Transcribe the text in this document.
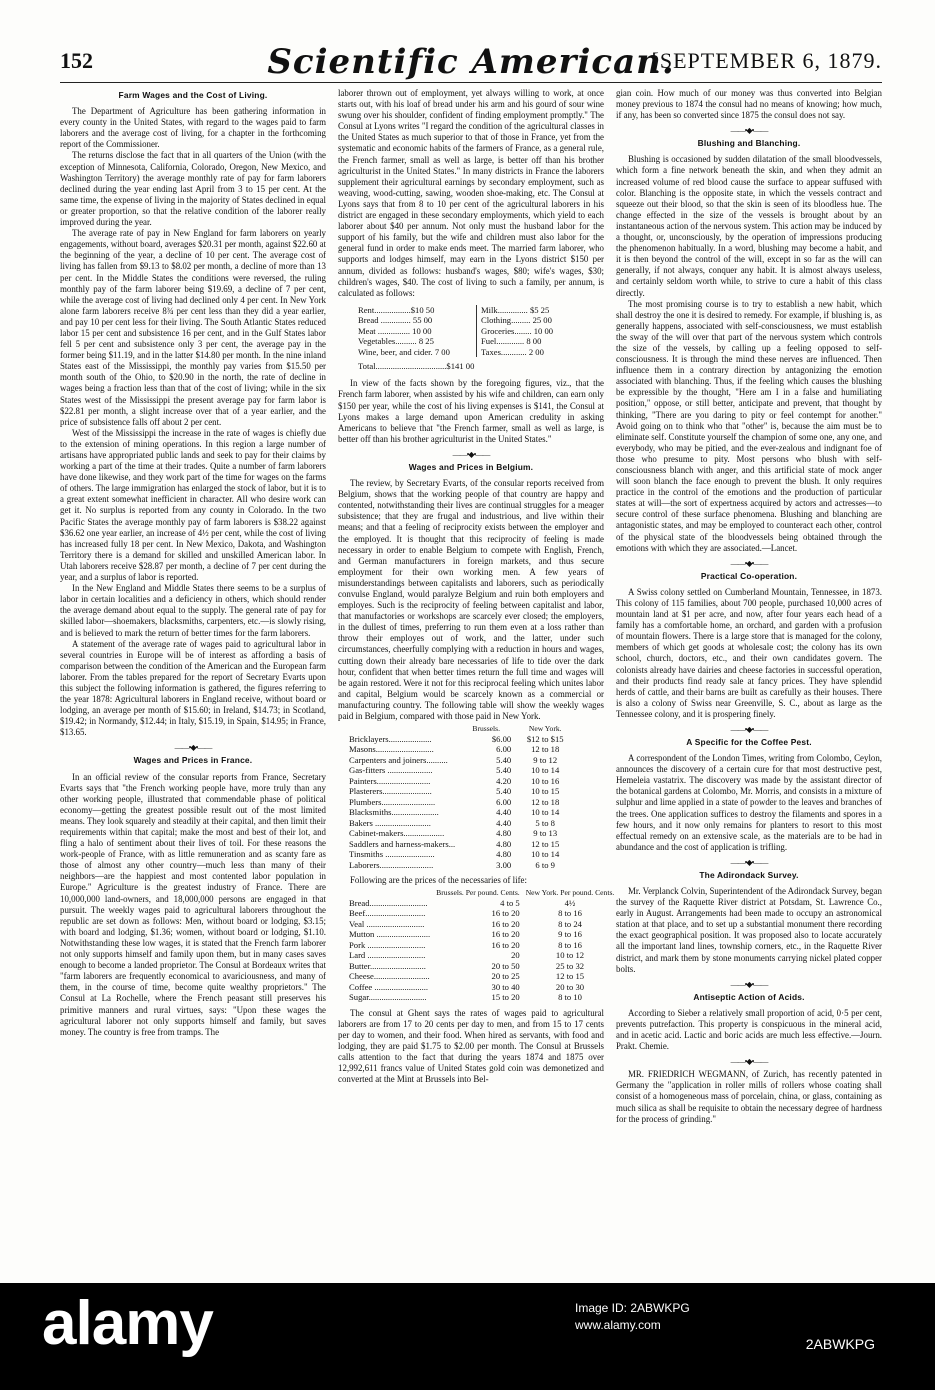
152	Scientific American.
[SEPTEMBER 6, 1879.
Farm Wages and the Cost of Living.

The Department of Agriculture has been gathering information in every county in the United States, with regard to the wages paid to farm laborers and the average cost of living, for a chapter in the forthcoming report of the Commissioner.

The returns disclose the fact that in all quarters of the Union (with the exception of Minnesota, California, Colorado, Oregon, New Mexico, and Washington Territory) the average monthly rate of pay for farm laborers declined during the year ending last April from 3 to 15 per cent. At the same time, the expense of living in the majority of States declined in equal or greater proportion, so that the relative condition of the laborer really improved during the year.

The average rate of pay in New England for farm laborers on yearly engagements, without board, averages $20.31 per month, against $22.60 at the beginning of the year, a decline of 10 per cent. The average cost of living has fallen from $9.13 to $8.02 per month, a decline of more than 13 per cent. In the Middle States the conditions were reversed, the ruling monthly pay of the farm laborer being $19.69, a decline of 7 per cent, while the average cost of living had declined only 4 per cent. In New York alone farm laborers receive 8¾ per cent less than they did a year earlier, and pay 10 per cent less for their living. The South Atlantic States reduced labor 15 per cent and subsistence 16 per cent, and in the Gulf States labor fell 5 per cent and subsistence only 3 per cent, the average pay in the former being $11.19, and in the latter $14.80 per month. In the nine inland States east of the Mississippi, the monthly pay varies from $15.50 per month south of the Ohio, to $20.90 in the north, the rate of decline in wages being a fraction less than that of the cost of living; while in the six States west of the Mississippi the present average pay for farm labor is $22.81 per month, a slight increase over that of a year earlier, and the price of subsistence falls off about 2 per cent.

West of the Mississippi the increase in the rate of wages is chiefly due to the extension of mining operations. In this region a large number of artisans have appropriated public lands and seek to pay for their claims by working a part of the time at their trades. Quite a number of farm laborers have done likewise, and they work part of the time for wages on the farms of others. The large immigration has enlarged the stock of labor, but it is to a great extent somewhat inefficient in character. All who desire work can get it. No surplus is reported from any county in Colorado. In the two Pacific States the average monthly pay of farm laborers is $38.22 against $36.62 one year earlier, an increase of 4½ per cent, while the cost of living has increased fully 18 per cent. In New Mexico, Dakota, and Washington Territory there is a demand for skilled and unskilled American labor. In Utah laborers receive $28.87 per month, a decline of 7 per cent during the year, and a surplus of labor is reported.

In the New England and Middle States there seems to be a surplus of labor in certain localities and a deficiency in others, which should render the average demand about equal to the supply. The general rate of pay for skilled labor—shoemakers, blacksmiths, carpenters, etc.—is slowly rising, and is believed to mark the return of better times for the farm laborers.

A statement of the average rate of wages paid to agricultural labor in several countries in Europe will be of interest as affording a basis of comparison between the condition of the American and the European farm laborer. From the tables prepared for the report of Secretary Evarts upon this subject the following information is gathered, the figures referring to the year 1878: Agricultural laborers in England receive, without board or lodging, an average per month of $15.60; in Ireland, $14.73; in Scotland, $19.42; in Normandy, $12.44; in Italy, $15.19, in Spain, $14.95; in France, $13.65.

——•◆•——
Wages and Prices in France.

In an official review of the consular reports from France, Secretary Evarts says that "the French working people have, more truly than any other working people, illustrated that commendable phase of political economy—getting the greatest possible result out of the most limited means. They look squarely and steadily at their capital, and then limit their requirements within that capital; make the most and best of their lot, and fling a halo of sentiment about their lives of toil. For these reasons the work-people of France, with as little remuneration and as scanty fare as those of almost any other country—much less than many of their neighbors—are the happiest and most contented labor population in Europe." Agriculture is the greatest industry of France. There are 10,000,000 land-owners, and 18,000,000 persons are engaged in that pursuit. The weekly wages paid to agricultural laborers throughout the republic are set down as follows: Men, without board or lodging, $3.15; with board and lodging, $1.36; women, without board or lodging, $1.10. Notwithstanding these low wages, it is stated that the French farm laborer not only supports himself and family upon them, but in many cases saves enough to become a landed proprietor. The Consul at Bordeaux writes that "farm laborers are frequently economical to avariciousness, and many of them, in the course of time, become quite wealthy proprietors." The Consul at La Rochelle, where the French peasant still preserves his primitive manners and rural virtues, says: "Upon these wages the agricultural laborer not only supports himself and family, but saves money. The country is free from tramps. The

laborer thrown out of employment, yet always willing to work, at once starts out, with his loaf of bread under his arm and his gourd of sour wine swung over his shoulder, confident of finding employment promptly." The Consul at Lyons writes "I regard the condition of the agricultural classes in the United States as much superior to that of those in France, yet from the systematic and economic habits of the farmers of France, as a general rule, the French farmer, small as well as large, is better off than his brother agriculturist in the United States." In many districts in France the laborers supplement their agricultural earnings by secondary employment, such as weaving, wood-cutting, sawing, wooden shoe-making, etc. The Consul at Lyons says that from 8 to 10 per cent of the agricultural laborers in his district are engaged in these secondary employments, which yield to each laborer about $40 per annum. Not only must the husband labor for the support of his family, but the wife and children must also labor for the general fund in order to make ends meet. The married farm laborer, who supports and lodges himself, may earn in the Lyons district $150 per annum, divided as follows: husband's wages, $80; wife's wages, $30; children's wages, $40. The cost of living to such a family, per annum, is calculated as follows:

Rent.................$10 50	Milk.............. $5 25
Bread .............. 55 00	Clothing......... 25 00
Meat ............... 10 00	Groceries........ 10 00
Vegetables.......... 8 25	Fuel............. 8 00
Wine, beer, and cider. 7 00	Taxes............ 2 00
Total.................................$141 00

In view of the facts shown by the foregoing figures, viz., that the French farm laborer, when assisted by his wife and children, can earn only $150 per year, while the cost of his living expenses is $141, the Consul at Lyons makes a large demand upon American credulity in asking Americans to believe that "the French farmer, small as well as large, is better off than his brother agriculturist in the United States."

——•◆•——
Wages and Prices in Belgium.

The review, by Secretary Evarts, of the consular reports received from Belgium, shows that the working people of that country are happy and contented, notwithstanding their lives are continual struggles for a meager subsistence; that they are frugal and industrious, and live within their means; and that a feeling of reciprocity exists between the employer and the employed. It is thought that this reciprocity of feeling is made necessary in order to enable Belgium to compete with English, French, and German manufacturers in foreign markets, and thus secure employment for their own working men. A few years of misunderstandings between capitalists and laborers, such as periodically convulse England, would paralyze Belgium and ruin both employers and employes. Such is the reciprocity of feeling between capitalist and labor, that manufactories or workshops are scarcely ever closed; the employers, in the dullest of times, preferring to run them even at a loss rather than throw their employes out of work, and the latter, under such circumstances, cheerfully complying with a reduction in hours and wages, cutting down their already bare necessaries of life to tide over the dark hour, confident that when better times return the full time and wages will be again restored. Were it not for this reciprocal feeling which unites labor and capital, Belgium would be scarcely known as a commercial or manufacturing country. The following table will show the weekly wages paid in Belgium, compared with those paid in New York.

	Brussels.	New York.
Bricklayers....................	$6.00	$12 to $15
Masons...........................	6.00	12 to 18
Carpenters and joiners..........	5.40	9 to 12
Gas-fitters .....................	5.40	10 to 14
Painters.........................	4.20	10 to 16
Plasterers.......................	5.40	10 to 15
Plumbers.........................	6.00	12 to 18
Blacksmiths......................	4.40	10 to 14
Bakers ..........................	4.40	5 to 8
Cabinet-makers...................	4.80	9 to 13
Saddlers and harness-makers...	4.80	12 to 15
Tinsmiths .......................	4.80	10 to 14
Laborers.........................	3.00	6 to 9

Following are the prices of the necessaries of life:

	Brussels. Per pound. Cents.	New York. Per pound. Cents.
Bread...........................	4 to 5	4½
Beef............................	16 to 20	8 to 16
Veal ...........................	16 to 20	8 to 24
Mutton .........................	16 to 20	9 to 16
Pork ...........................	16 to 20	8 to 16
Lard ...........................	20	10 to 12
Butter..........................	20 to 50	25 to 32
Cheese..........................	20 to 25	12 to 15
Coffee .........................	30 to 40	20 to 30
Sugar...........................	15 to 20	8 to 10

The consul at Ghent says the rates of wages paid to agricultural laborers are from 17 to 20 cents per day to men, and from 15 to 17 cents per day to women, and their food. When hired as servants, with food and lodging, they are paid $1.75 to $2.00 per month. The Consul at Brussels calls attention to the fact that during the years 1874 and 1875 over 12,992,611 francs value of United States gold coin was demonetized and converted at the Mint at Brussels into Bel-

gian coin. How much of our money was thus converted into Belgian money previous to 1874 the consul had no means of knowing; how much, if any, has been so converted since 1875 the consul does not say.

——•◆•——
Blushing and Blanching.

Blushing is occasioned by sudden dilatation of the small bloodvessels, which form a fine network beneath the skin, and when they admit an increased volume of red blood cause the surface to appear suffused with color. Blanching is the opposite state, in which the vessels contract and squeeze out their blood, so that the skin is seen of its bloodless hue. The change effected in the size of the vessels is brought about by an instantaneous action of the nervous system. This action may be induced by a thought, or, unconsciously, by the operation of impressions producing the phenomenon habitually. In a word, blushing may become a habit, and it is then beyond the control of the will, except in so far as the will can generally, if not always, conquer any habit. It is almost always useless, and certainly seldom worth while, to strive to cure a habit of this class directly.

The most promising course is to try to establish a new habit, which shall destroy the one it is desired to remedy. For example, if blushing is, as generally happens, associated with self-consciousness, we must establish the sway of the will over that part of the nervous system which controls the size of the vessels, by calling up a feeling opposed to self-consciousness. It is through the mind these nerves are influenced. Then influence them in a contrary direction by antagonizing the emotion associated with blanching. Thus, if the feeling which causes the blushing be expressible by the thought, "Here am I in a false and humiliating position," oppose, or still better, anticipate and prevent, that thought by thinking, "There are you daring to pity or feel contempt for another." Avoid going on to think who that "other" is, because the aim must be to eliminate self. Constitute yourself the champion of some one, any one, and everybody, who may be pitied, and the ever-zealous and indignant foe of those who presume to pity. Most persons who blush with self-consciousness blanch with anger, and this artificial state of mock anger will soon blanch the face enough to prevent the blush. It only requires practice in the control of the emotions and the production of particular states at will—the sort of expertness acquired by actors and actresses—to secure control of these surface phenomena. Blushing and blanching are antagonistic states, and may be employed to counteract each other, control of the physical state of the bloodvessels being obtained through the emotions with which they are associated.—Lancet.

——•◆•——
Practical Co-operation.

A Swiss colony settled on Cumberland Mountain, Tennessee, in 1873. This colony of 115 families, about 700 people, purchased 10,000 acres of mountain land at $1 per acre, and now, after four years each head of a family has a comfortable home, an orchard, and garden with a profusion of mountain flowers. There is a large store that is managed for the colony, members of which get goods at wholesale cost; the colony has its own school, church, doctors, etc., and their own candidates govern. The colonists already have dairies and cheese factories in successful operation, and their products find ready sale at fancy prices. They have splendid herds of cattle, and their barns are built as carefully as their houses. There is also a colony of Swiss near Greenville, S. C., about as large as the Tennessee colony, and it is prospering finely.

——•◆•——
A Specific for the Coffee Pest.

A correspondent of the London Times, writing from Colombo, Ceylon, announces the discovery of a certain cure for that most destructive pest, Hemeleia vastatrix. The discovery was made by the assistant director of the botanical gardens at Colombo, Mr. Morris, and consists in a mixture of sulphur and lime applied in a state of powder to the leaves and branches of the trees. One application suffices to destroy the filaments and spores in a few hours, and it now only remains for planters to resort to this most effectual remedy on an extensive scale, as the materials are to be had in abundance and the cost of application is trifling.

——•◆•——
The Adirondack Survey.

Mr. Verplanck Colvin, Superintendent of the Adirondack Survey, began the survey of the Raquette River district at Potsdam, St. Lawrence Co., early in August. Arrangements had been made to occupy an astronomical station at that place, and to set up a substantial monument there recording the exact geographical position. It was proposed also to locate accurately all the important land lines, township corners, etc., in the Raquette River district, and mark them by stone monuments carrying nickel plated copper bolts.

——•◆•——
Antiseptic Action of Acids.

According to Sieber a relatively small proportion of acid, 0·5 per cent, prevents putrefaction. This property is conspicuous in the mineral acid, and in acetic acid. Lactic and boric acids are much less effective.—Journ. Prakt. Chemie.

——•◆•——

MR. FRIEDRICH WEGMANN, of Zurich, has recently patented in Germany the "application in roller mills of rollers whose coating shall consist of a homogeneous mass of porcelain, china, or glass, containing as much silica as shall be requisite to obtain the necessary degree of hardness for the process of grinding."

alamy	Image ID: 2ABWKPG
www.alamy.com
2ABWKPG
